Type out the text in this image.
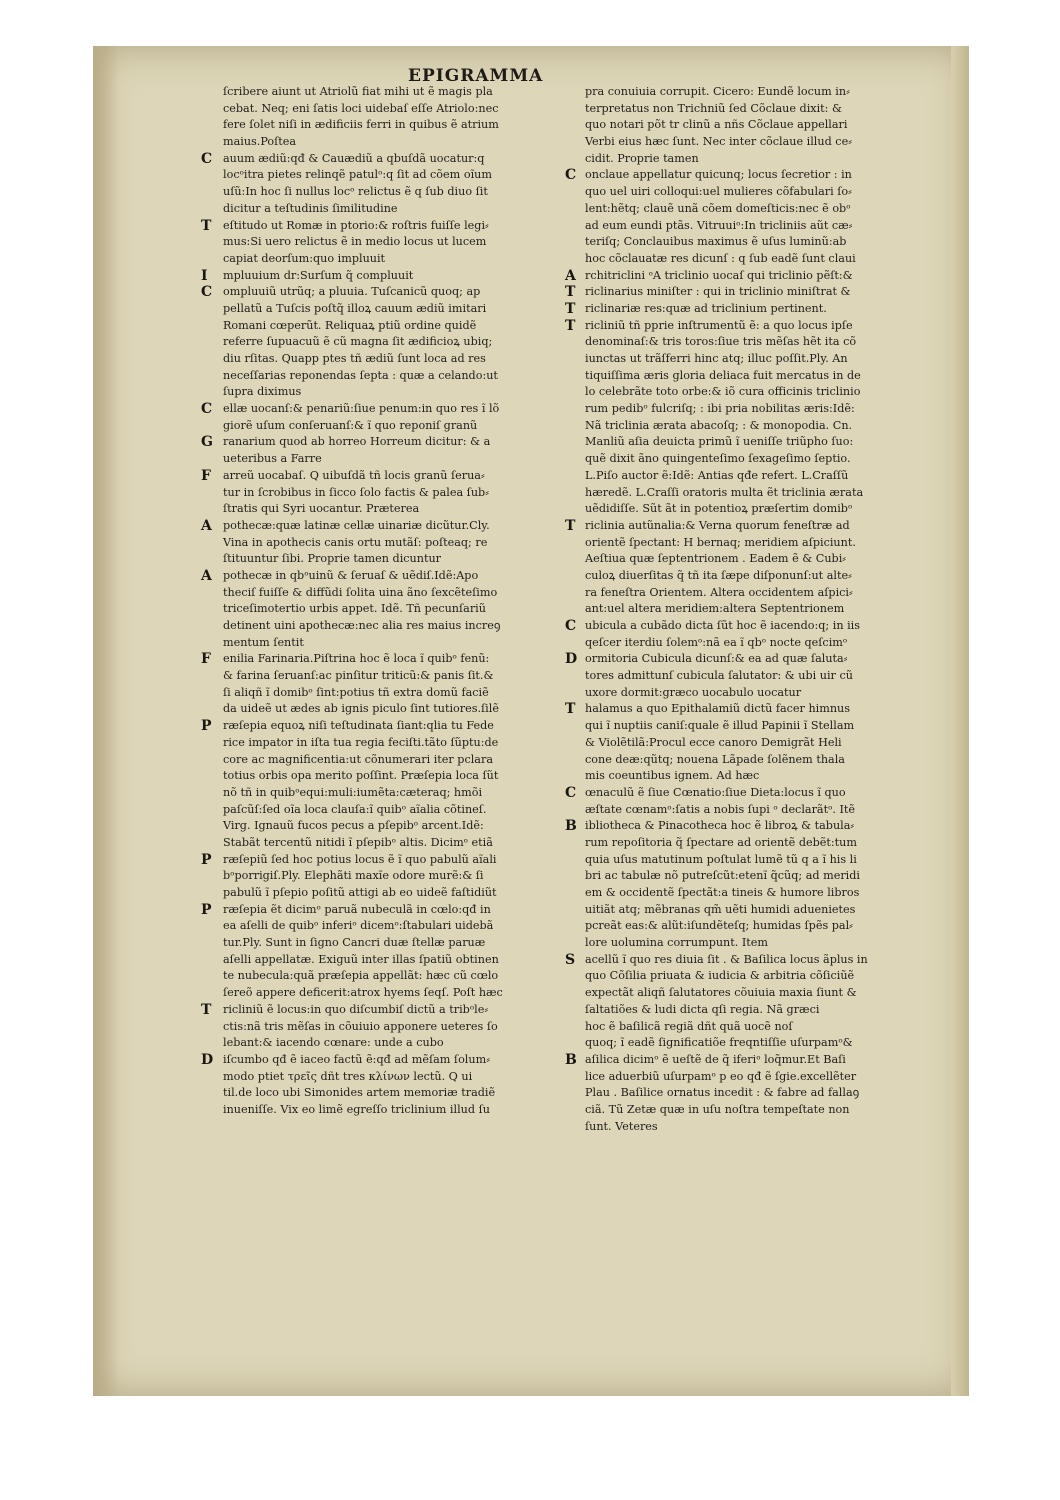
EPIGRAMMA
ſcribere aiunt ut Atriolũ fiat mihi ut ẽ magis pla
cebat. Neq; eni ſatis loci uidebaſ eſſe Atriolo:nec
fere ſolet niſi in ædificiis ferri in quibus ẽ atrium
maius.Poſtea
C auum ædiũ:qđ & Cauædiũ a qbuſdã uocatur:q
locᵒitra pietes relinqẽ patulᵒ:q ſit ad cõem oĩum
uſũ:In hoc ſi nullus locᵒ relictus ẽ q ſub diuo ſit
dicitur a teſtudinis ſimilitudine
T eſtitudo ut Romæ in ptorio:& roſtris fuiſſe legi⸗
mus:Si uero relictus ẽ in medio locus ut lucem
capiat deorſum:quo impluuit
I mpluuium dr:Surſum q̃ compluuit
C ompluuiũ utrũq; a pluuia. Tuſcanicũ quoq; ap
pellatũ a Tuſcis poſtq̃ illoꝝ cauum ædiũ imitari
Romani cœperũt. Reliquaꝝ ptiũ ordine quidẽ
referre ſupuacuũ ẽ cũ magna ſit ædificioꝝ ubiq;
diu rſitas. Quapp ptes tñ ædiũ ſunt loca ad res
neceſſarias reponendas ſepta : quæ a celando:ut
ſupra diximus
C ellæ uocanſ:& penariũ:ſiue penum:in quo res ĩ lõ
giorẽ uſum conſeruanſ:& ĩ quo reponiſ granũ
G ranarium quod ab horreo Horreum dicitur: & a
ueteribus a Farre
F arreũ uocabaſ. Q uibuſdã tñ locis granũ ſerua⸗
tur in ſcrobibus in ſicco ſolo factis & palea ſub⸗
ſtratis qui Syri uocantur. Præterea
A pothecæ:quæ latinæ cellæ uinariæ dicũtur.Cly.
Vina in apothecis canis ortu mutãſ: poſteaq; re
ſtituuntur ſibi. Proprie tamen dicuntur
A pothecæ in qbᵒuinũ & ſeruaſ & uẽdiſ.Idẽ:Apo
theciſ fuiſſe & diffũdi ſolita uina ãno ſexcẽteſimo
triceſimotertio urbis appet. Idẽ. Tñ pecunſariũ
detinent uini apothecæ:nec alia res maius increꝯ
mentum ſentit
F enilia Farinaria.Piſtrina hoc ẽ loca ĩ quibᵒ fenũ:
& farina ſeruanſ:ac pinſitur triticũ:& panis ſit.&
ſi aliqñ ĩ domibᵒ ſint:potius tñ extra domũ faciẽ
da uideẽ ut ædes ab ignis piculo ſint tutiores.ſilẽ
P ræſepia equoꝝ niſi teſtudinata ſiant:qlia tu Fede
rice impator in iſta tua regia feciſti.tãto ſũptu:de
core ac magnificentia:ut cõnumerari iter pclara
totius orbis opa merito poſſint. Præſepia loca ſũt
nõ tñ in quibᵒequi:muli:iumẽta:cæteraq; hmõi
paſcũſ:ſed oĩa loca clauſa:ĩ quibᵒ aĩalia cõtineſ.
Virg. Ignauũ fucos pecus a pſepibᵒ arcent.Idẽ:
Stabãt tercentũ nitidi ĩ pſepibᵒ altis. Dicimᵒ etiã
P ræſepiũ ſed hoc potius locus ẽ ĩ quo pabulũ aĩali
bᵒporrigiſ.Ply. Elephãti maxĩe odore murẽ:& ſi
pabulũ ĩ pſepio poſitũ attigi ab eo uideẽ faſtidiũt
P ræſepia ẽt dicimᵒ paruã nubeculã in cœlo:qđ in
ea aſelli de quibᵒ inferiᵒ dicemᵒ:ſtabulari uidebã
tur.Ply. Sunt in ſigno Cancri duæ ſtellæ paruæ
aſelli appellatæ. Exiguũ inter illas ſpatiũ obtinen
te nubecula:quã præſepia appellãt: hæc cũ cœlo
ſereõ appere deficerit:atrox hyems ſeqſ. Poſt hæc
T ricliniũ ẽ locus:in quo diſcumbiſ dictũ a tribᵒle⸗
ctis:nã tris mẽſas in cõuiuio apponere ueteres ſo
lebant:& iacendo cœnare: unde a cubo
D iſcumbo qđ ẽ iaceo factũ ẽ:qđ ad mẽſam ſolum⸗
modo ptiet τρεῖς dñt tres κλίνων lectũ. Q ui
til.de loco ubi Simonides artem memoriæ tradiẽ
inueniſſe. Vix eo limẽ egreſſo triclinium illud ſu
pra conuiuia corrupit. Cicero: Eundẽ locum in⸗
terpretatus non Trichniũ ſed Cõclaue dixit: &
quo notari põt tr clinũ a nñs Cõclaue appellari
Verbi eius hæc ſunt. Nec inter cõclaue illud ce⸗
cidit. Proprie tamen
C onclaue appellatur quicunq; locus ſecretior : in
quo uel uiri colloqui:uel mulieres cõfabulari ſo⸗
lent:hẽtq; clauẽ unã cõem domeſticis:nec ẽ obᵒ
ad eum eundi ptãs. Vitruuiᵒ:In tricliniis aũt cæ⸗
teriſq; Conclauibus maximus ẽ uſus luminũ:ab
hoc cõclauatæ res dicunſ : q ſub eadẽ ſunt claui
A rchitriclini ᵒA triclinio uocaſ qui triclinio pẽſt:&
T riclinarius miniſter : qui in triclinio miniſtrat &
T riclinariæ res:quæ ad triclinium pertinent.
T ricliniũ tñ pprie inſtrumentũ ẽ: a quo locus ipſe
denominaſ:& tris toros:ſiue tris mẽſas hẽt ita cõ
iunctas ut trãſferri hinc atq; illuc poſſit.Ply. An
tiquiſſima æris gloria deliaca fuit mercatus in de
lo celebrãte toto orbe:& iõ cura officinis triclinio
rum pedibᵒ fulcriſq; : ibi pria nobilitas æris:Idẽ:
Nã triclinia ærata abacoſq; : & monopodia. Cn.
Manliũ aſia deuicta primũ ĩ ueniſſe triũpho ſuo:
quẽ dixit ãno quingenteſimo ſexageſimo ſeptio.
L.Piſo auctor ẽ:Idẽ: Antias qđe refert. L.Craſſũ
hæredẽ. L.Craſſi oratoris multa ẽt triclinia ærata
uẽdidiſſe. Sũt ãt in potentioꝝ præſertim domibᵒ
T riclinia autũnalia:& Verna quorum feneſtræ ad
orientẽ ſpectant: H bernaq; meridiem aſpiciunt.
Aeſtiua quæ ſeptentrionem . Eadem ẽ & Cubi⸗
culoꝝ diuerſitas q̃ tñ ita ſæpe diſponunſ:ut alte⸗
ra feneſtra Orientem. Altera occidentem aſpici⸗
ant:uel altera meridiem:altera Septentrionem
C ubicula a cubãdo dicta ſũt hoc ẽ iacendo:q; in iis
qeſcer iterdiu ſolemᵒ:nã ea ĩ qbᵒ nocte qeſcimᵒ
D ormitoria Cubicula dicunſ:& ea ad quæ ſaluta⸗
tores admittunſ cubicula ſalutator: & ubi uir cũ
uxore dormit:græco uocabulo uocatur
T halamus a quo Epithalamiũ dictũ facer himnus
qui ĩ nuptiis caniſ:quale ẽ illud Papinii ĩ Stellam
& Violẽtilã:Procul ecce canoro Demigrãt Heli
cone deæ:qũtq; nouena Lãpade ſolẽnem thala
mis coeuntibus ignem. Ad hæc
C œnaculũ ẽ ſiue Cœnatio:ſiue Dieta:locus ĩ quo
æſtate cœnamᵒ:ſatis a nobis ſupi ᵒ declarãtᵒ. Itẽ
B ibliotheca & Pinacotheca hoc ẽ libroꝝ & tabula⸗
rum repoſitoria q̃ ſpectare ad orientẽ debẽt:tum
quia uſus matutinum poſtulat lumẽ tũ q a ĩ his li
bri ac tabulæ nõ putreſcũt:etenĩ q̃cũq; ad meridi
em & occidentẽ ſpectãt:a tineis & humore libros
uitiãt atq; mẽbranas qm̃ uẽti humidi aduenietes
pcreãt eas:& alũt:iſundẽteſq; humidas ſpẽs pal⸗
lore uolumina corrumpunt. Item
S acellũ ĩ quo res diuia ſit . & Baſilica locus ãplus in
quo Cõſilia priuata & iudicia & arbitria cõſiciũẽ
expectãt aliqñ ſalutatores cõuiuia maxia ſiunt &
ſaltatiões & ludi dicta qſi regia. Nã græci
hoc ẽ baſilicã regiã dñt quã uocẽ noſ
quoq; ĩ eadẽ ſignificatiõe freqntiſſie uſurpamᵒ&
B aſilica dicimᵒ ẽ ueſtẽ de q̃ iferiᵒ loq̃mur.Et Baſi
lice aduerbiũ uſurpamᵒ p eo qđ ẽ ſgie.excellẽter
Plau . Baſilice ornatus incedit : & fabre ad fallaꝯ
ciã. Tũ Zetæ quæ in uſu noſtra tempeſtate non
ſunt. Veteres
